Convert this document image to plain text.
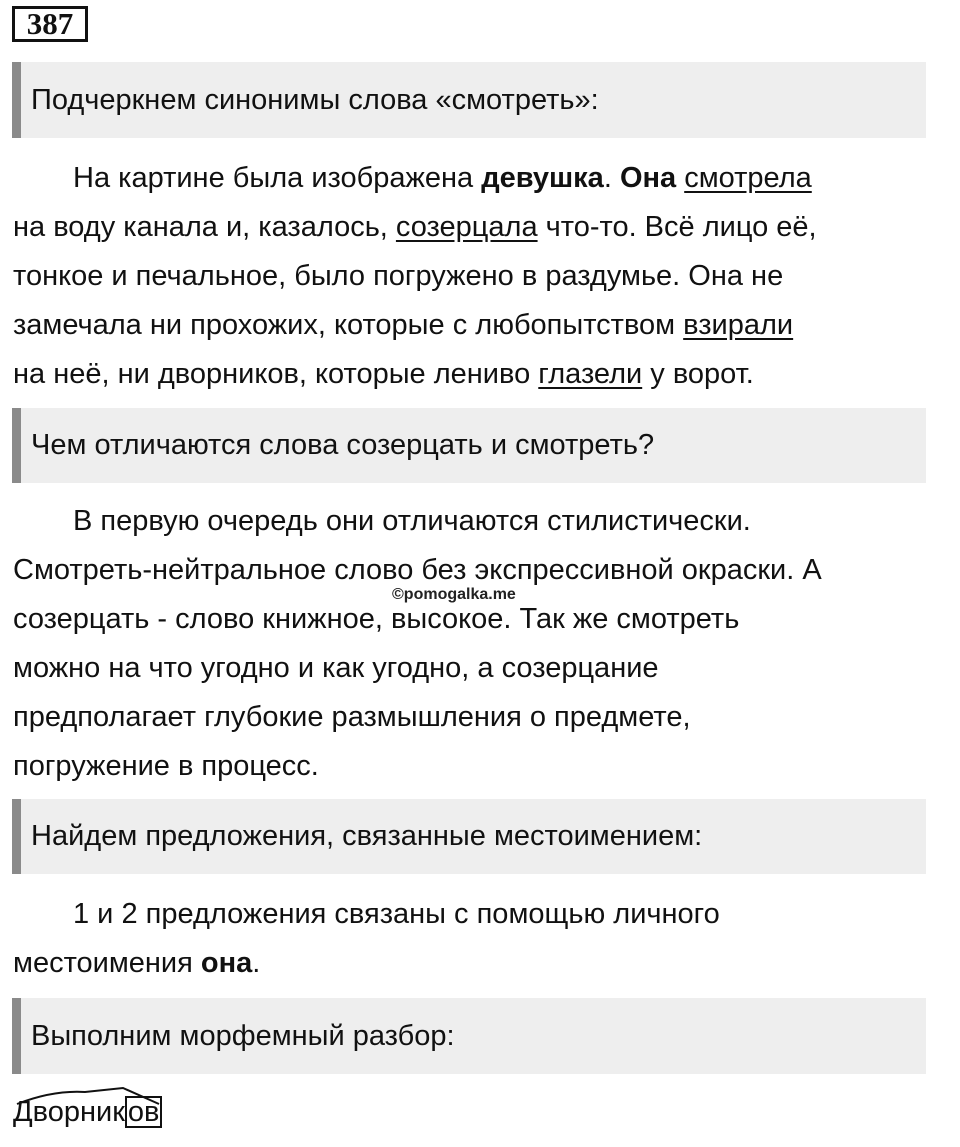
387
Подчеркнем синонимы слова «смотреть»:
На картине была изображена девушка. Она смотрела
на воду канала и, казалось, созерцала что-то. Всё лицо её,
тонкое и печальное, было погружено в раздумье. Она не
замечала ни прохожих, которые с любопытством взирали
на неё, ни дворников, которые лениво глазели у ворот.
Чем отличаются слова созерцать и смотреть?
В первую очередь они отличаются стилистически.
Смотреть-нейтральное слово без экспрессивной окраски. А
созерцать - слово книжное, высокое. Так же смотреть
можно на что угодно и как угодно, а созерцание
предполагает глубокие размышления о предмете,
погружение в процесс.
©pomogalka.me
Найдем предложения, связанные местоимением:
1 и 2 предложения связаны с помощью личного
местоимения она.
Выполним морфемный разбор:
Дворник ов
